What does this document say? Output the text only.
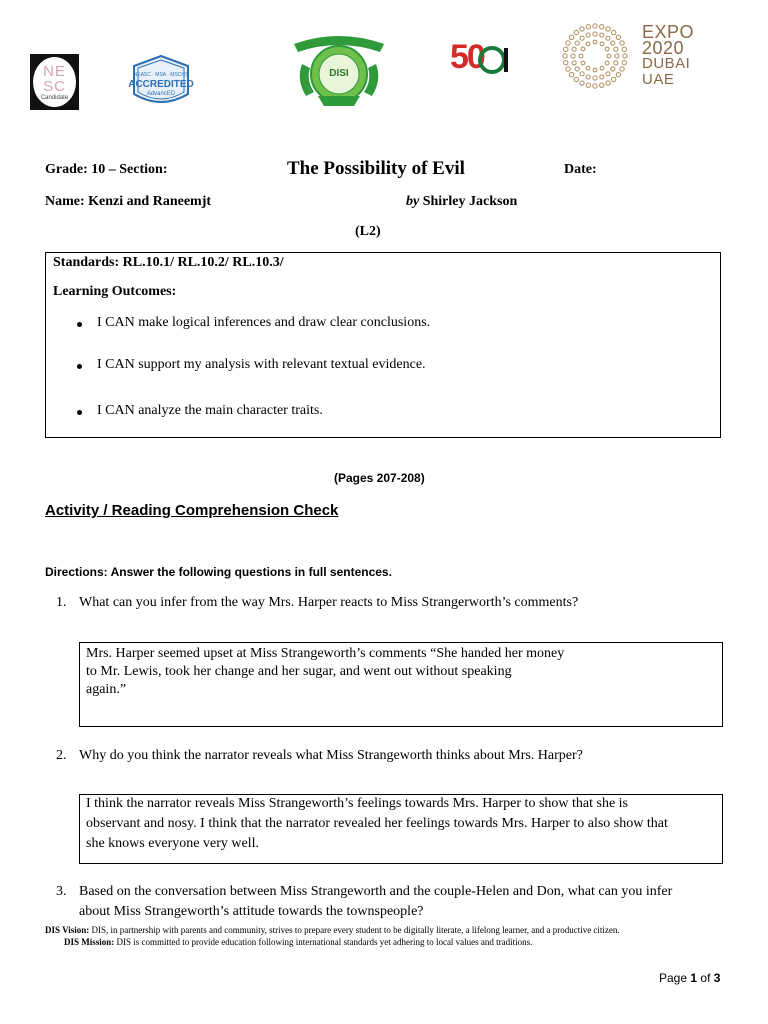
NE
SC
Candidate
NEASC · MSA · MSCHS
ACCREDITED
AdvancED
DISI	50
EXPO
2020
DUBAI
UAE
Grade: 10 – Section:	The Possibility of Evil	Date:
Name: Kenzi and Raneemjt	by Shirley Jackson
(L2)
Standards: RL.10.1/ RL.10.2/ RL.10.3/
Learning Outcomes:
I CAN make logical inferences and draw clear conclusions.
I CAN support my analysis with relevant textual evidence.
I CAN analyze the main character traits.
(Pages 207-208)
Activity / Reading Comprehension Check
Directions: Answer the following questions in full sentences.
1. What can you infer from the way Mrs. Harper reacts to Miss Strangerworth’s comments?
Mrs. Harper seemed upset at Miss Strangeworth’s comments “She handed her money
to Mr. Lewis, took her change and her sugar, and went out without speaking
again.”
2. Why do you think the narrator reveals what Miss Strangeworth thinks about Mrs. Harper?
I think the narrator reveals Miss Strangeworth’s feelings towards Mrs. Harper to show that she is
observant and nosy. I think that the narrator revealed her feelings towards Mrs. Harper to also show that
she knows everyone very well.
3. Based on the conversation between Miss Strangeworth and the couple-Helen and Don, what can you infer
about Miss Strangeworth’s attitude towards the townspeople?
DIS Vision: DIS, in partnership with parents and community, strives to prepare every student to be digitally literate, a lifelong learner, and a productive citizen.
DIS Mission: DIS is committed to provide education following international standards yet adhering to local values and traditions.
Page 1 of 3
